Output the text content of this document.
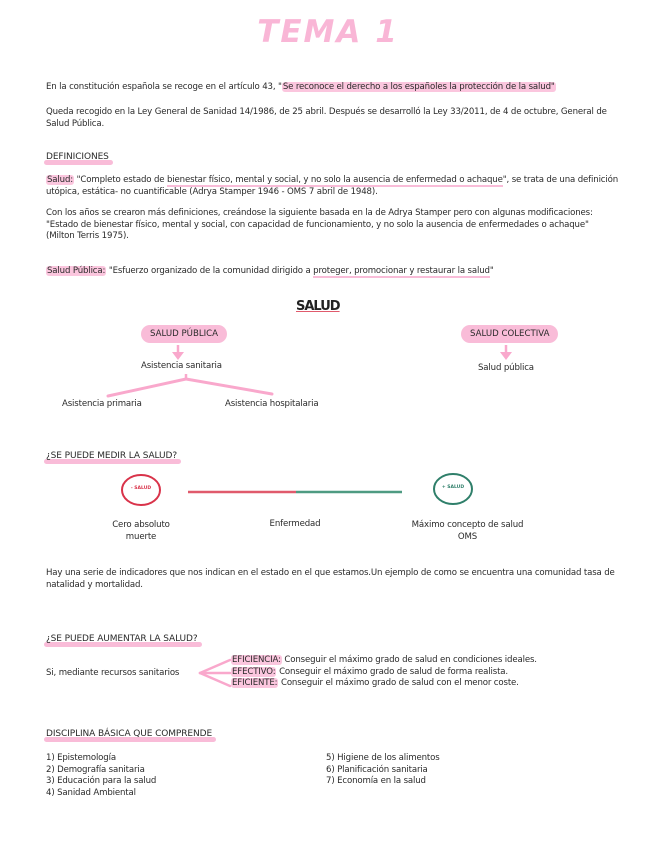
TEMA 1
En la constitución española se recoge en el artículo 43, "Se reconoce el derecho a los españoles la protección de la salud"
Queda recogido en la Ley General de Sanidad 14/1986, de 25 abril. Después se desarrolló la Ley 33/2011, de 4 de octubre, General de Salud Pública.
DEFINICIONES
Salud: "Completo estado de bienestar físico, mental y social, y no solo la ausencia de enfermedad o achaque", se trata de una definición utópica, estática- no cuantificable (Adrya Stamper 1946 - OMS 7 abril de 1948).
Con los años se crearon más definiciones, creándose la siguiente basada en la de Adrya Stamper pero con algunas modificaciones: "Estado de bienestar físico, mental y social, con capacidad de funcionamiento, y no solo la ausencia de enfermedades o achaque"(Milton Terris 1975).
Salud Pública: "Esfuerzo organizado de la comunidad dirigido a proteger, promocionar y restaurar la salud"
SALUD
SALUD PÚBLICA	SALUD COLECTIVA
Asistencia sanitaria	Salud pública
Asistencia primaria	Asistencia hospitalaria
¿SE PUEDE MEDIR LA SALUD?
- SALUD	+ SALUD
Cero absoluto muerte
Enfermedad	Máximo concepto de salud OMS
Hay una serie de indicadores que nos indican en el estado en el que estamos.Un ejemplo de como se encuentra una comunidad tasa de natalidad y mortalidad.
¿SE PUEDE AUMENTAR LA SALUD?
Si, mediante recursos sanitarios
EFICIENCIA: Conseguir el máximo grado de salud en condiciones ideales.
EFECTIVO: Conseguir el máximo grado de salud de forma realista.
EFICIENTE: Conseguir el máximo grado de salud con el menor coste.
DISCIPLINA BÁSICA QUE COMPRENDE
1) Epistemología
2) Demografía sanitaria
3) Educación para la salud
4) Sanidad Ambiental
5) Higiene de los alimentos
6) Planificación sanitaria
7) Economía en la salud
